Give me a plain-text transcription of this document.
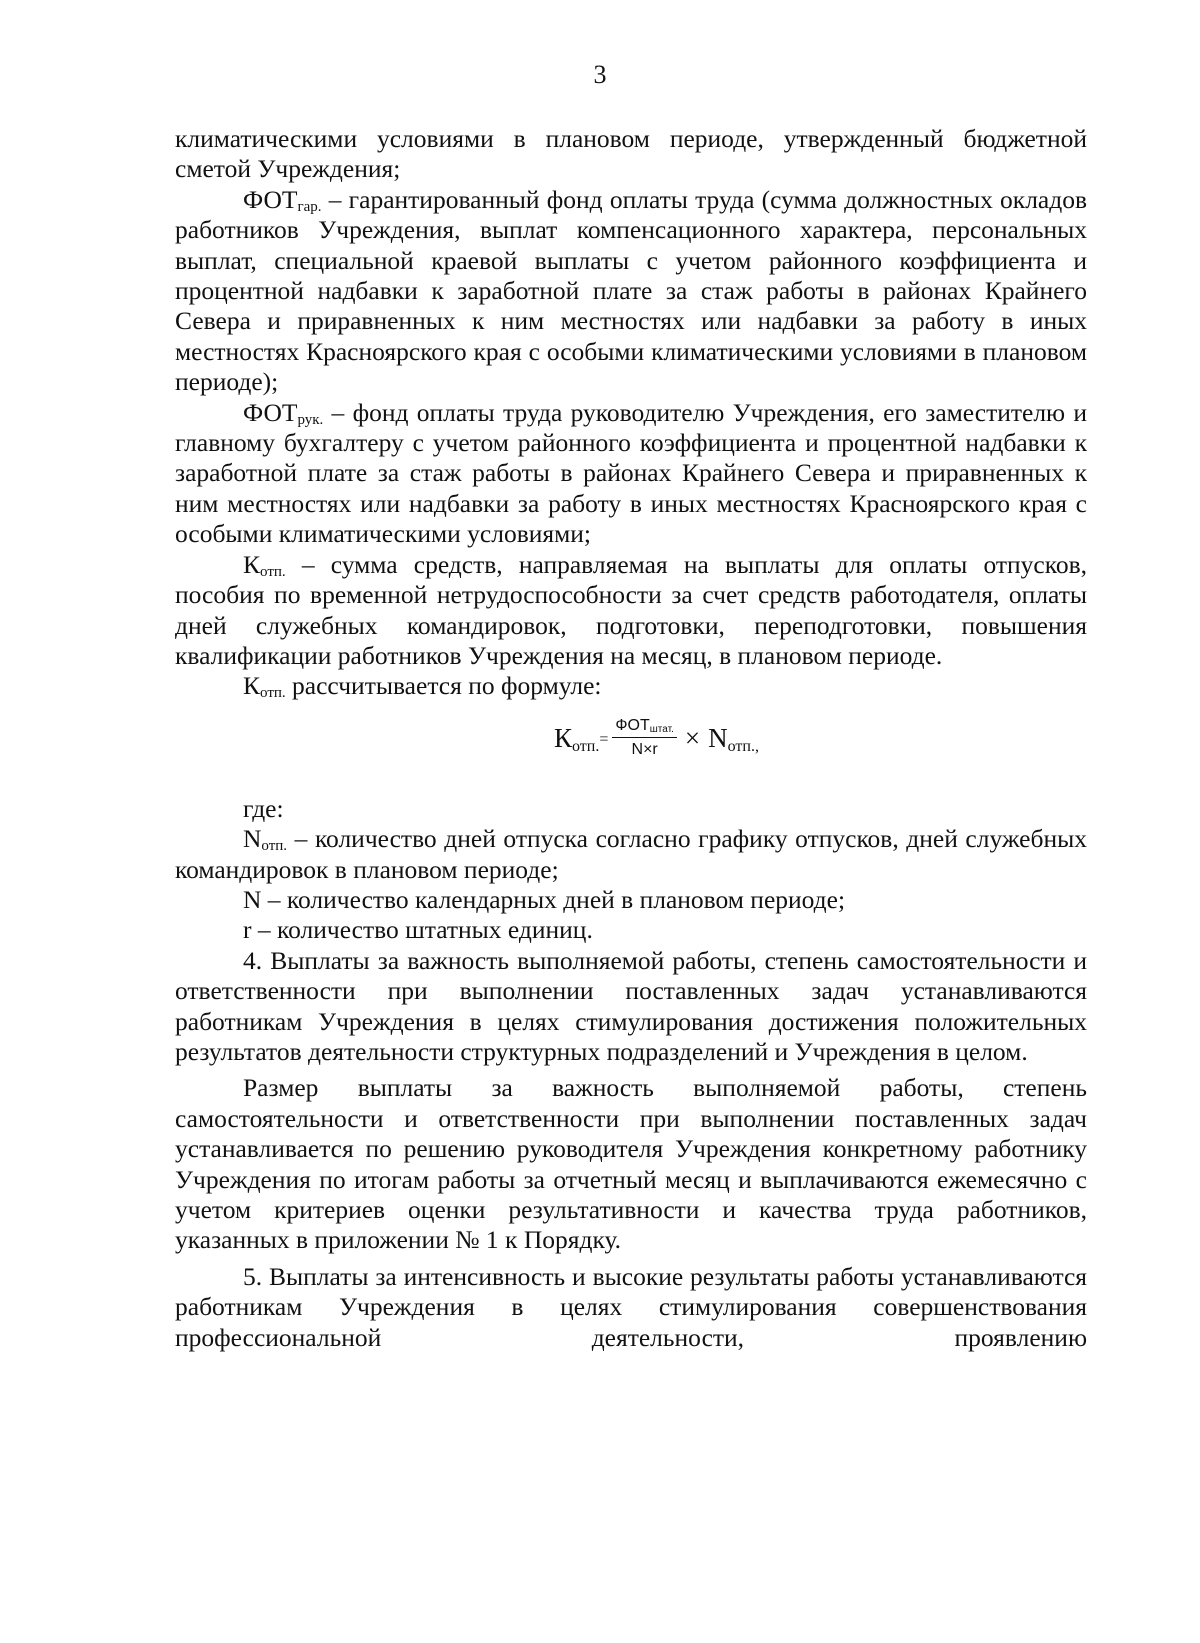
3

климатическими условиями в плановом периоде, утвержденный бюджетной сметой Учреждения;

$ФОТ_{гар.}$ – гарантированный фонд оплаты труда (сумма должностных окладов работников Учреждения, выплат компенсационного характера, персональных выплат, специальной краевой выплаты с учетом районного коэффициента и процентной надбавки к заработной плате за стаж работы в районах Крайнего Севера и приравненных к ним местностях или надбавки за работу в иных местностях Красноярского края с особыми климатическими условиями в плановом периоде);

$ФОТ_{рук.}$ – фонд оплаты труда руководителю Учреждения, его заместителю и главному бухгалтеру с учетом районного коэффициента и процентной надбавки к заработной плате за стаж работы в районах Крайнего Севера и приравненных к ним местностях или надбавки за работу в иных местностях Красноярского края с особыми климатическими условиями;

$К_{отп.}$ – сумма средств, направляемая на выплаты для оплаты отпусков, пособия по временной нетрудоспособности за счет средств работодателя, оплаты дней служебных командировок, подготовки, переподготовки, повышения квалификации работников Учреждения на месяц, в плановом периоде.

$К_{отп.}$ рассчитывается по формуле:

$К_{отп.} = \frac{ФОТ_{штат.}}{N\times r} \times N_{отп.,}$

где:

$N_{отп.}$ – количество дней отпуска согласно графику отпусков, дней служебных командировок в плановом периоде;

N – количество календарных дней в плановом периоде;

r – количество штатных единиц.

4. Выплаты за важность выполняемой работы, степень самостоятельности и ответственности при выполнении поставленных задач устанавливаются работникам Учреждения в целях стимулирования достижения положительных результатов деятельности структурных подразделений и Учреждения в целом.

Размер выплаты за важность выполняемой работы, степень самостоятельности и ответственности при выполнении поставленных задач устанавливается по решению руководителя Учреждения конкретному работнику Учреждения по итогам работы за отчетный месяц и выплачиваются ежемесячно с учетом критериев оценки результативности и качества труда работников, указанных в приложении № 1 к Порядку.

5. Выплаты за интенсивность и высокие результаты работы устанавливаются работникам Учреждения в целях стимулирования совершенствования профессиональной деятельности, проявлению
